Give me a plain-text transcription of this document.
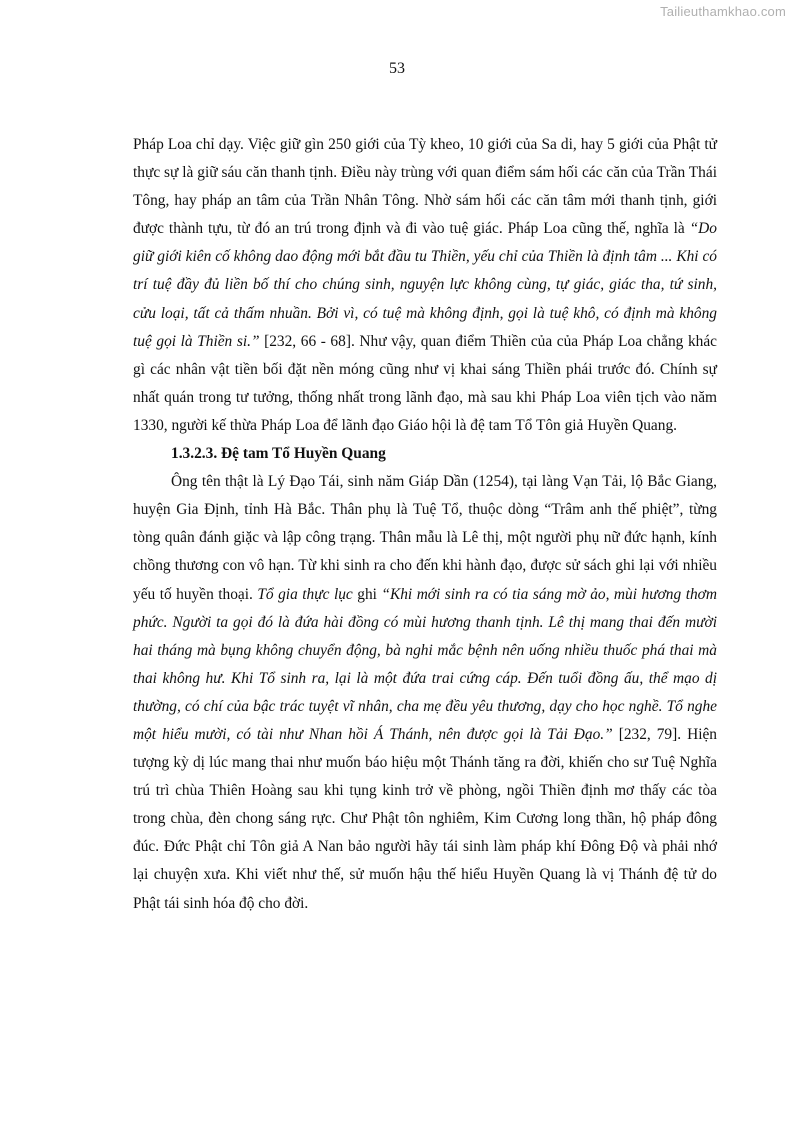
Tailieuthamkhao.com
53

Pháp Loa chỉ dạy. Việc giữ gìn 250 giới của Tỳ kheo, 10 giới của Sa di, hay 5 giới của Phật tử thực sự là giữ sáu căn thanh tịnh. Điều này trùng với quan điểm sám hối các căn của Trần Thái Tông, hay pháp an tâm của Trần Nhân Tông. Nhờ sám hối các căn tâm mới thanh tịnh, giới được thành tựu, từ đó an trú trong định và đi vào tuệ giác. Pháp Loa cũng thế, nghĩa là “Do giữ giới kiên cố không dao động mới bắt đầu tu Thiền, yếu chỉ của Thiền là định tâm ... Khi có trí tuệ đầy đủ liền bố thí cho chúng sinh, nguyện lực không cùng, tự giác, giác tha, tứ sinh, cửu loại, tất cả thấm nhuần. Bởi vì, có tuệ mà không định, gọi là tuệ khô, có định mà không tuệ gọi là Thiền si.” [232, 66 - 68]. Như vậy, quan điểm Thiền của của Pháp Loa chẳng khác gì các nhân vật tiền bối đặt nền móng cũng như vị khai sáng Thiền phái trước đó. Chính sự nhất quán trong tư tưởng, thống nhất trong lãnh đạo, mà sau khi Pháp Loa viên tịch vào năm 1330, người kế thừa Pháp Loa để lãnh đạo Giáo hội là đệ tam Tổ Tôn giả Huyền Quang.

1.3.2.3. Đệ tam Tổ Huyền Quang

Ông tên thật là Lý Đạo Tái, sinh năm Giáp Dần (1254), tại làng Vạn Tải, lộ Bắc Giang, huyện Gia Định, tỉnh Hà Bắc. Thân phụ là Tuệ Tổ, thuộc dòng “Trâm anh thế phiệt”, từng tòng quân đánh giặc và lập công trạng. Thân mẫu là Lê thị, một người phụ nữ đức hạnh, kính chồng thương con vô hạn. Từ khi sinh ra cho đến khi hành đạo, được sử sách ghi lại với nhiều yếu tố huyền thoại. Tổ gia thực lục ghi “Khi mới sinh ra có tia sáng mờ ảo, mùi hương thơm phức. Người ta gọi đó là đứa hài đồng có mùi hương thanh tịnh. Lê thị mang thai đến mười hai tháng mà bụng không chuyển động, bà nghi mắc bệnh nên uống nhiều thuốc phá thai mà thai không hư. Khi Tổ sinh ra, lại là một đứa trai cứng cáp. Đến tuổi đồng ấu, thể mạo dị thường, có chí của bậc trác tuyệt vĩ nhân, cha mẹ đều yêu thương, dạy cho học nghề. Tổ nghe một hiểu mười, có tài như Nhan hồi Á Thánh, nên được gọi là Tải Đạo.” [232, 79]. Hiện tượng kỳ dị lúc mang thai như muốn báo hiệu một Thánh tăng ra đời, khiến cho sư Tuệ Nghĩa trú trì chùa Thiên Hoàng sau khi tụng kinh trở về phòng, ngồi Thiền định mơ thấy các tòa trong chùa, đèn chong sáng rực. Chư Phật tôn nghiêm, Kim Cương long thần, hộ pháp đông đúc. Đức Phật chỉ Tôn giả A Nan bảo người hãy tái sinh làm pháp khí Đông Độ và phải nhớ lại chuyện xưa. Khi viết như thế, sử muốn hậu thế hiểu Huyền Quang là vị Thánh đệ tử do Phật tái sinh hóa độ cho đời.
